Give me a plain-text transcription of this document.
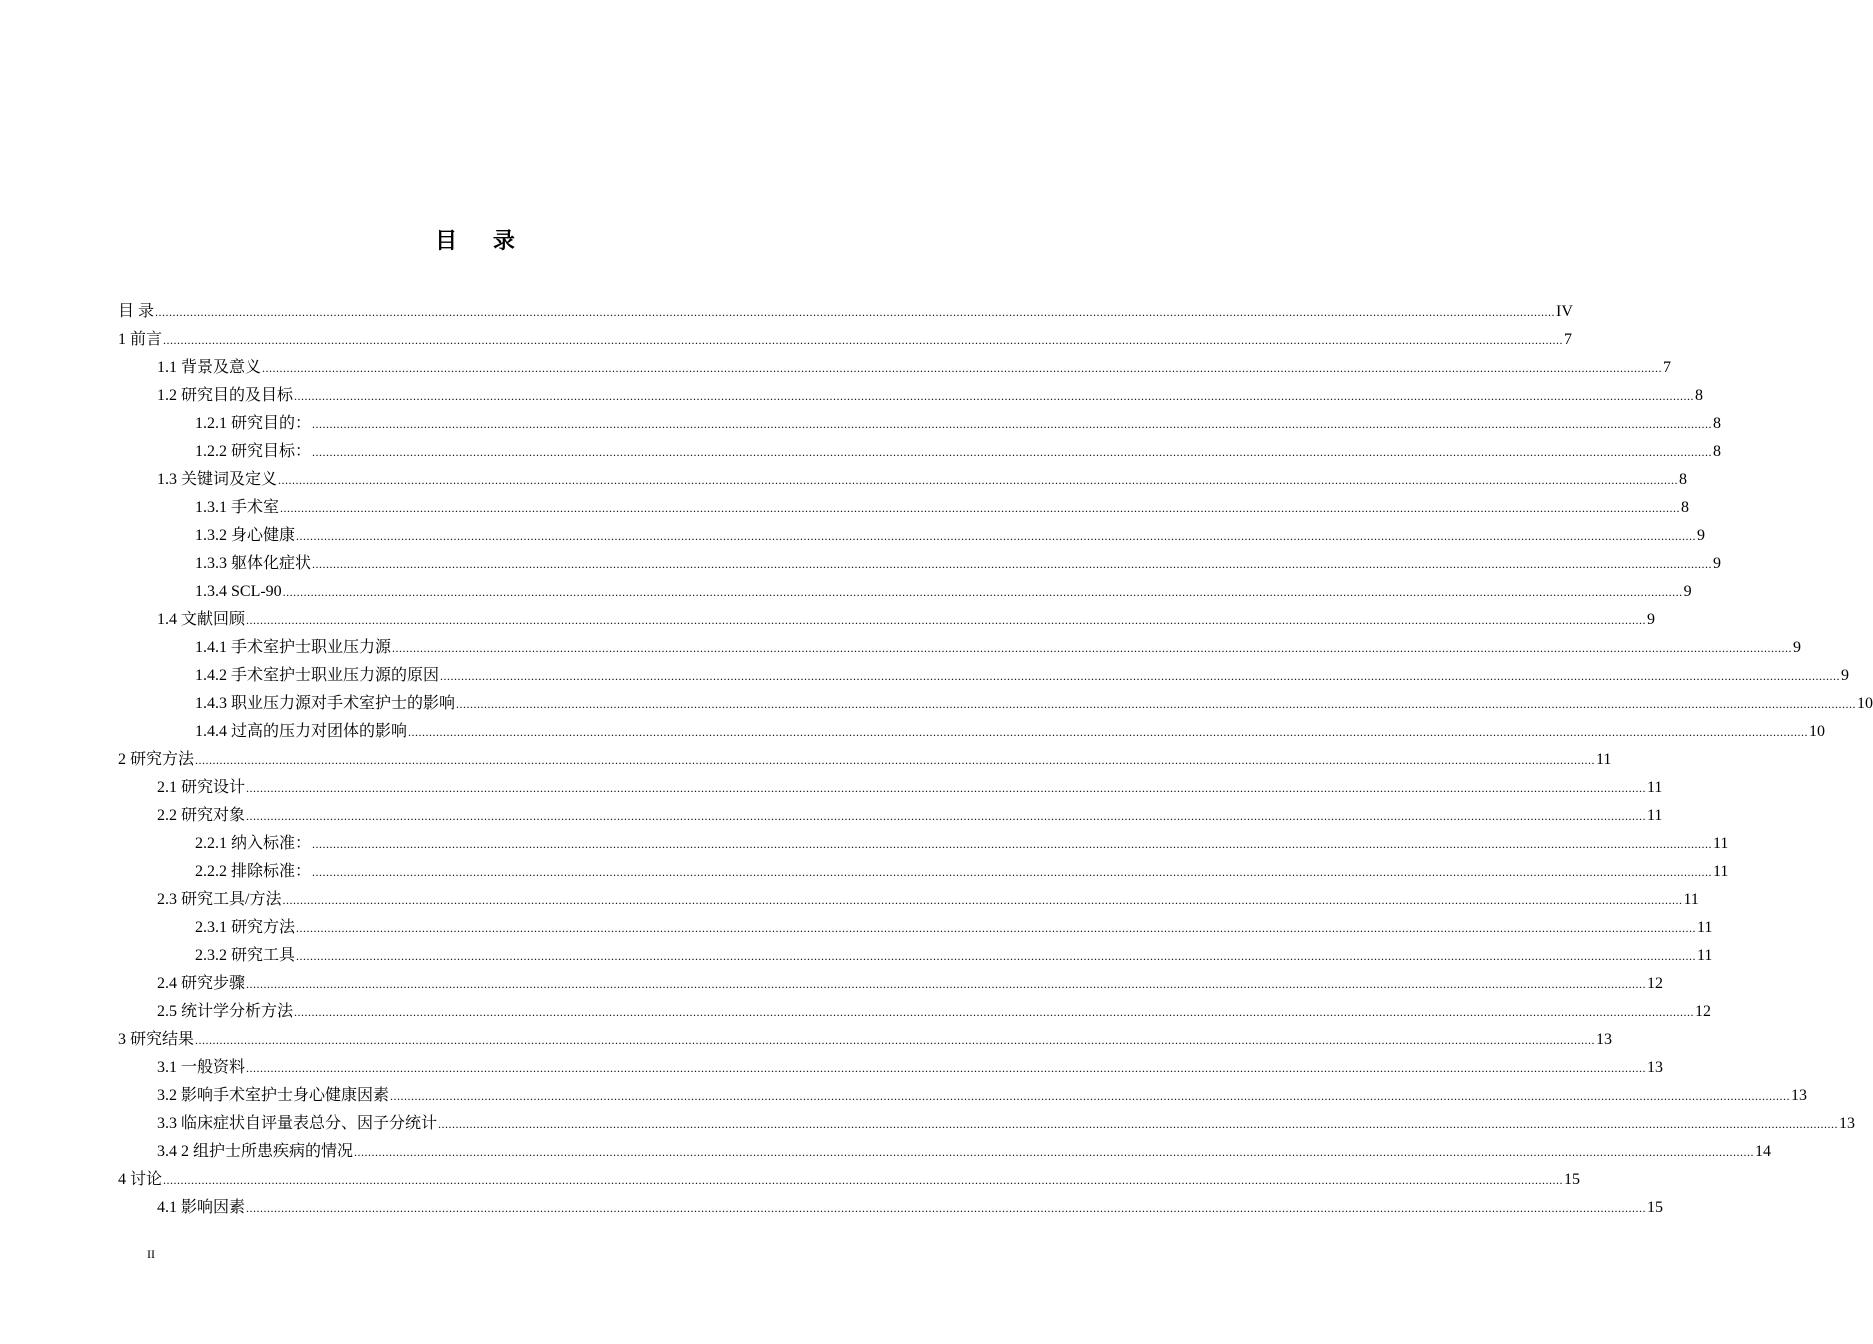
目 录
目 录 ................................................................................................................................................................................................................................................................................................................................................................................................................ IV
1 前言 ................................................................................................................................................................................................................................................................................................................................................................................................................ 7
1.1 背景及意义 ................................................................................................................................................................................................................................................................................................................................................................................................................ 7
1.2 研究目的及目标 ................................................................................................................................................................................................................................................................................................................................................................................................................ 8
1.2.1 研究目的： ................................................................................................................................................................................................................................................................................................................................................................................................................ 8
1.2.2 研究目标： ................................................................................................................................................................................................................................................................................................................................................................................................................ 8
1.3 关键词及定义 ................................................................................................................................................................................................................................................................................................................................................................................................................ 8
1.3.1 手术室 ................................................................................................................................................................................................................................................................................................................................................................................................................ 8
1.3.2 身心健康 ................................................................................................................................................................................................................................................................................................................................................................................................................ 9
1.3.3 躯体化症状 ................................................................................................................................................................................................................................................................................................................................................................................................................ 9
1.3.4 SCL-90 ................................................................................................................................................................................................................................................................................................................................................................................................................ 9
1.4 文献回顾 ................................................................................................................................................................................................................................................................................................................................................................................................................ 9
1.4.1 手术室护士职业压力源 ................................................................................................................................................................................................................................................................................................................................................................................................................ 9
1.4.2 手术室护士职业压力源的原因 ................................................................................................................................................................................................................................................................................................................................................................................................................ 9
1.4.3 职业压力源对手术室护士的影响 ................................................................................................................................................................................................................................................................................................................................................................................................................ 10
1.4.4 过高的压力对团体的影响 ................................................................................................................................................................................................................................................................................................................................................................................................................ 10
2 研究方法 ................................................................................................................................................................................................................................................................................................................................................................................................................ 11
2.1 研究设计 ................................................................................................................................................................................................................................................................................................................................................................................................................ 11
2.2 研究对象 ................................................................................................................................................................................................................................................................................................................................................................................................................ 11
2.2.1 纳入标准： ................................................................................................................................................................................................................................................................................................................................................................................................................ 11
2.2.2 排除标准： ................................................................................................................................................................................................................................................................................................................................................................................................................ 11
2.3 研究工具/方法 ................................................................................................................................................................................................................................................................................................................................................................................................................ 11
2.3.1 研究方法 ................................................................................................................................................................................................................................................................................................................................................................................................................ 11
2.3.2 研究工具 ................................................................................................................................................................................................................................................................................................................................................................................................................ 11
2.4 研究步骤 ................................................................................................................................................................................................................................................................................................................................................................................................................ 12
2.5 统计学分析方法 ................................................................................................................................................................................................................................................................................................................................................................................................................ 12
3 研究结果 ................................................................................................................................................................................................................................................................................................................................................................................................................ 13
3.1 一般资料 ................................................................................................................................................................................................................................................................................................................................................................................................................ 13
3.2 影响手术室护士身心健康因素 ................................................................................................................................................................................................................................................................................................................................................................................................................ 13
3.3 临床症状自评量表总分、因子分统计 ................................................................................................................................................................................................................................................................................................................................................................................................................ 13
3.4 2 组护士所患疾病的情况 ................................................................................................................................................................................................................................................................................................................................................................................................................ 14
4 讨论 ................................................................................................................................................................................................................................................................................................................................................................................................................ 15
4.1 影响因素 ................................................................................................................................................................................................................................................................................................................................................................................................................ 15
II
